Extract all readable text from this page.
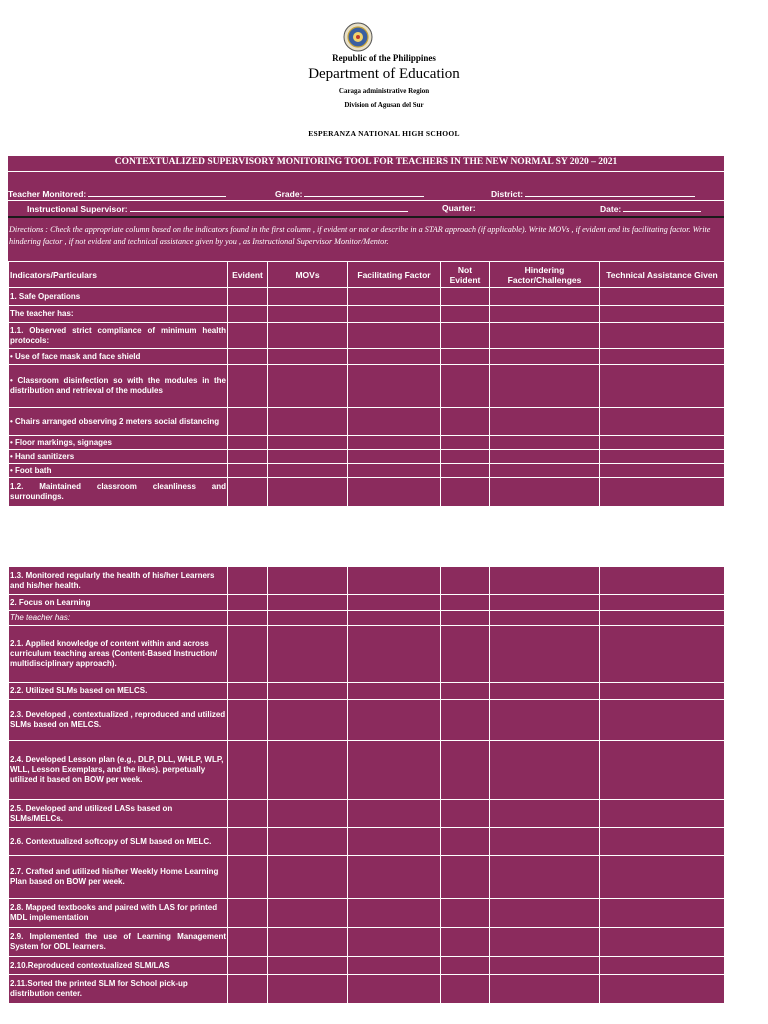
Republic of the Philippines
Department of Education
Caraga administrative Region
Division of Agusan del Sur
ESPERANZA NATIONAL HIGH SCHOOL
CONTEXTUALIZED SUPERVISORY MONITORING TOOL FOR TEACHERS IN THE NEW NORMAL SY 2020 – 2021
Teacher Monitored:	Grade:	District:
Instructional Supervisor:	Quarter:	Date:
Directions : Check the appropriate column based on the indicators found in the first column , if evident or not or describe in a STAR approach (if applicable). Write MOVs , if evident and its facilitating factor. Write hindering factor , if not evident and technical assistance given by you , as Instructional Supervisor Monitor/Mentor.
Indicators/Particulars	Evident	MOVs	Facilitating Factor	Not Evident	Hindering Factor/Challenges	Technical Assistance Given
1. Safe Operations						
The teacher has:						
1.1. Observed strict compliance of minimum health protocols:						
• Use of face mask and face shield						
• Classroom disinfection so with the modules in the distribution and retrieval of the modules						
• Chairs arranged observing 2 meters social distancing						
• Floor markings, signages						
• Hand sanitizers						
• Foot bath						
1.2. Maintained classroom cleanliness and surroundings.						
1.3. Monitored regularly the health of his/her Learners and his/her health.						
2. Focus on Learning						
The teacher has:						
2.1. Applied knowledge of content within and across curriculum teaching areas (Content-Based Instruction/ multidisciplinary approach).						
2.2. Utilized SLMs based on MELCS.						
2.3. Developed , contextualized , reproduced and utilized SLMs based on MELCS.						
2.4. Developed Lesson plan (e.g., DLP, DLL, WHLP, WLP, WLL, Lesson Exemplars, and the likes). perpetually utilized it based on BOW per week.						
2.5. Developed and utilized LASs based on SLMs/MELCs.						
2.6. Contextualized softcopy of SLM based on MELC.						
2.7. Crafted and utilized his/her Weekly Home Learning Plan based on BOW per week.						
2.8. Mapped textbooks and paired with LAS for printed MDL implementation						
2.9. Implemented the use of Learning Management System for ODL learners.						
2.10.Reproduced contextualized SLM/LAS						
2.11.Sorted the printed SLM for School pick-up distribution center.						
